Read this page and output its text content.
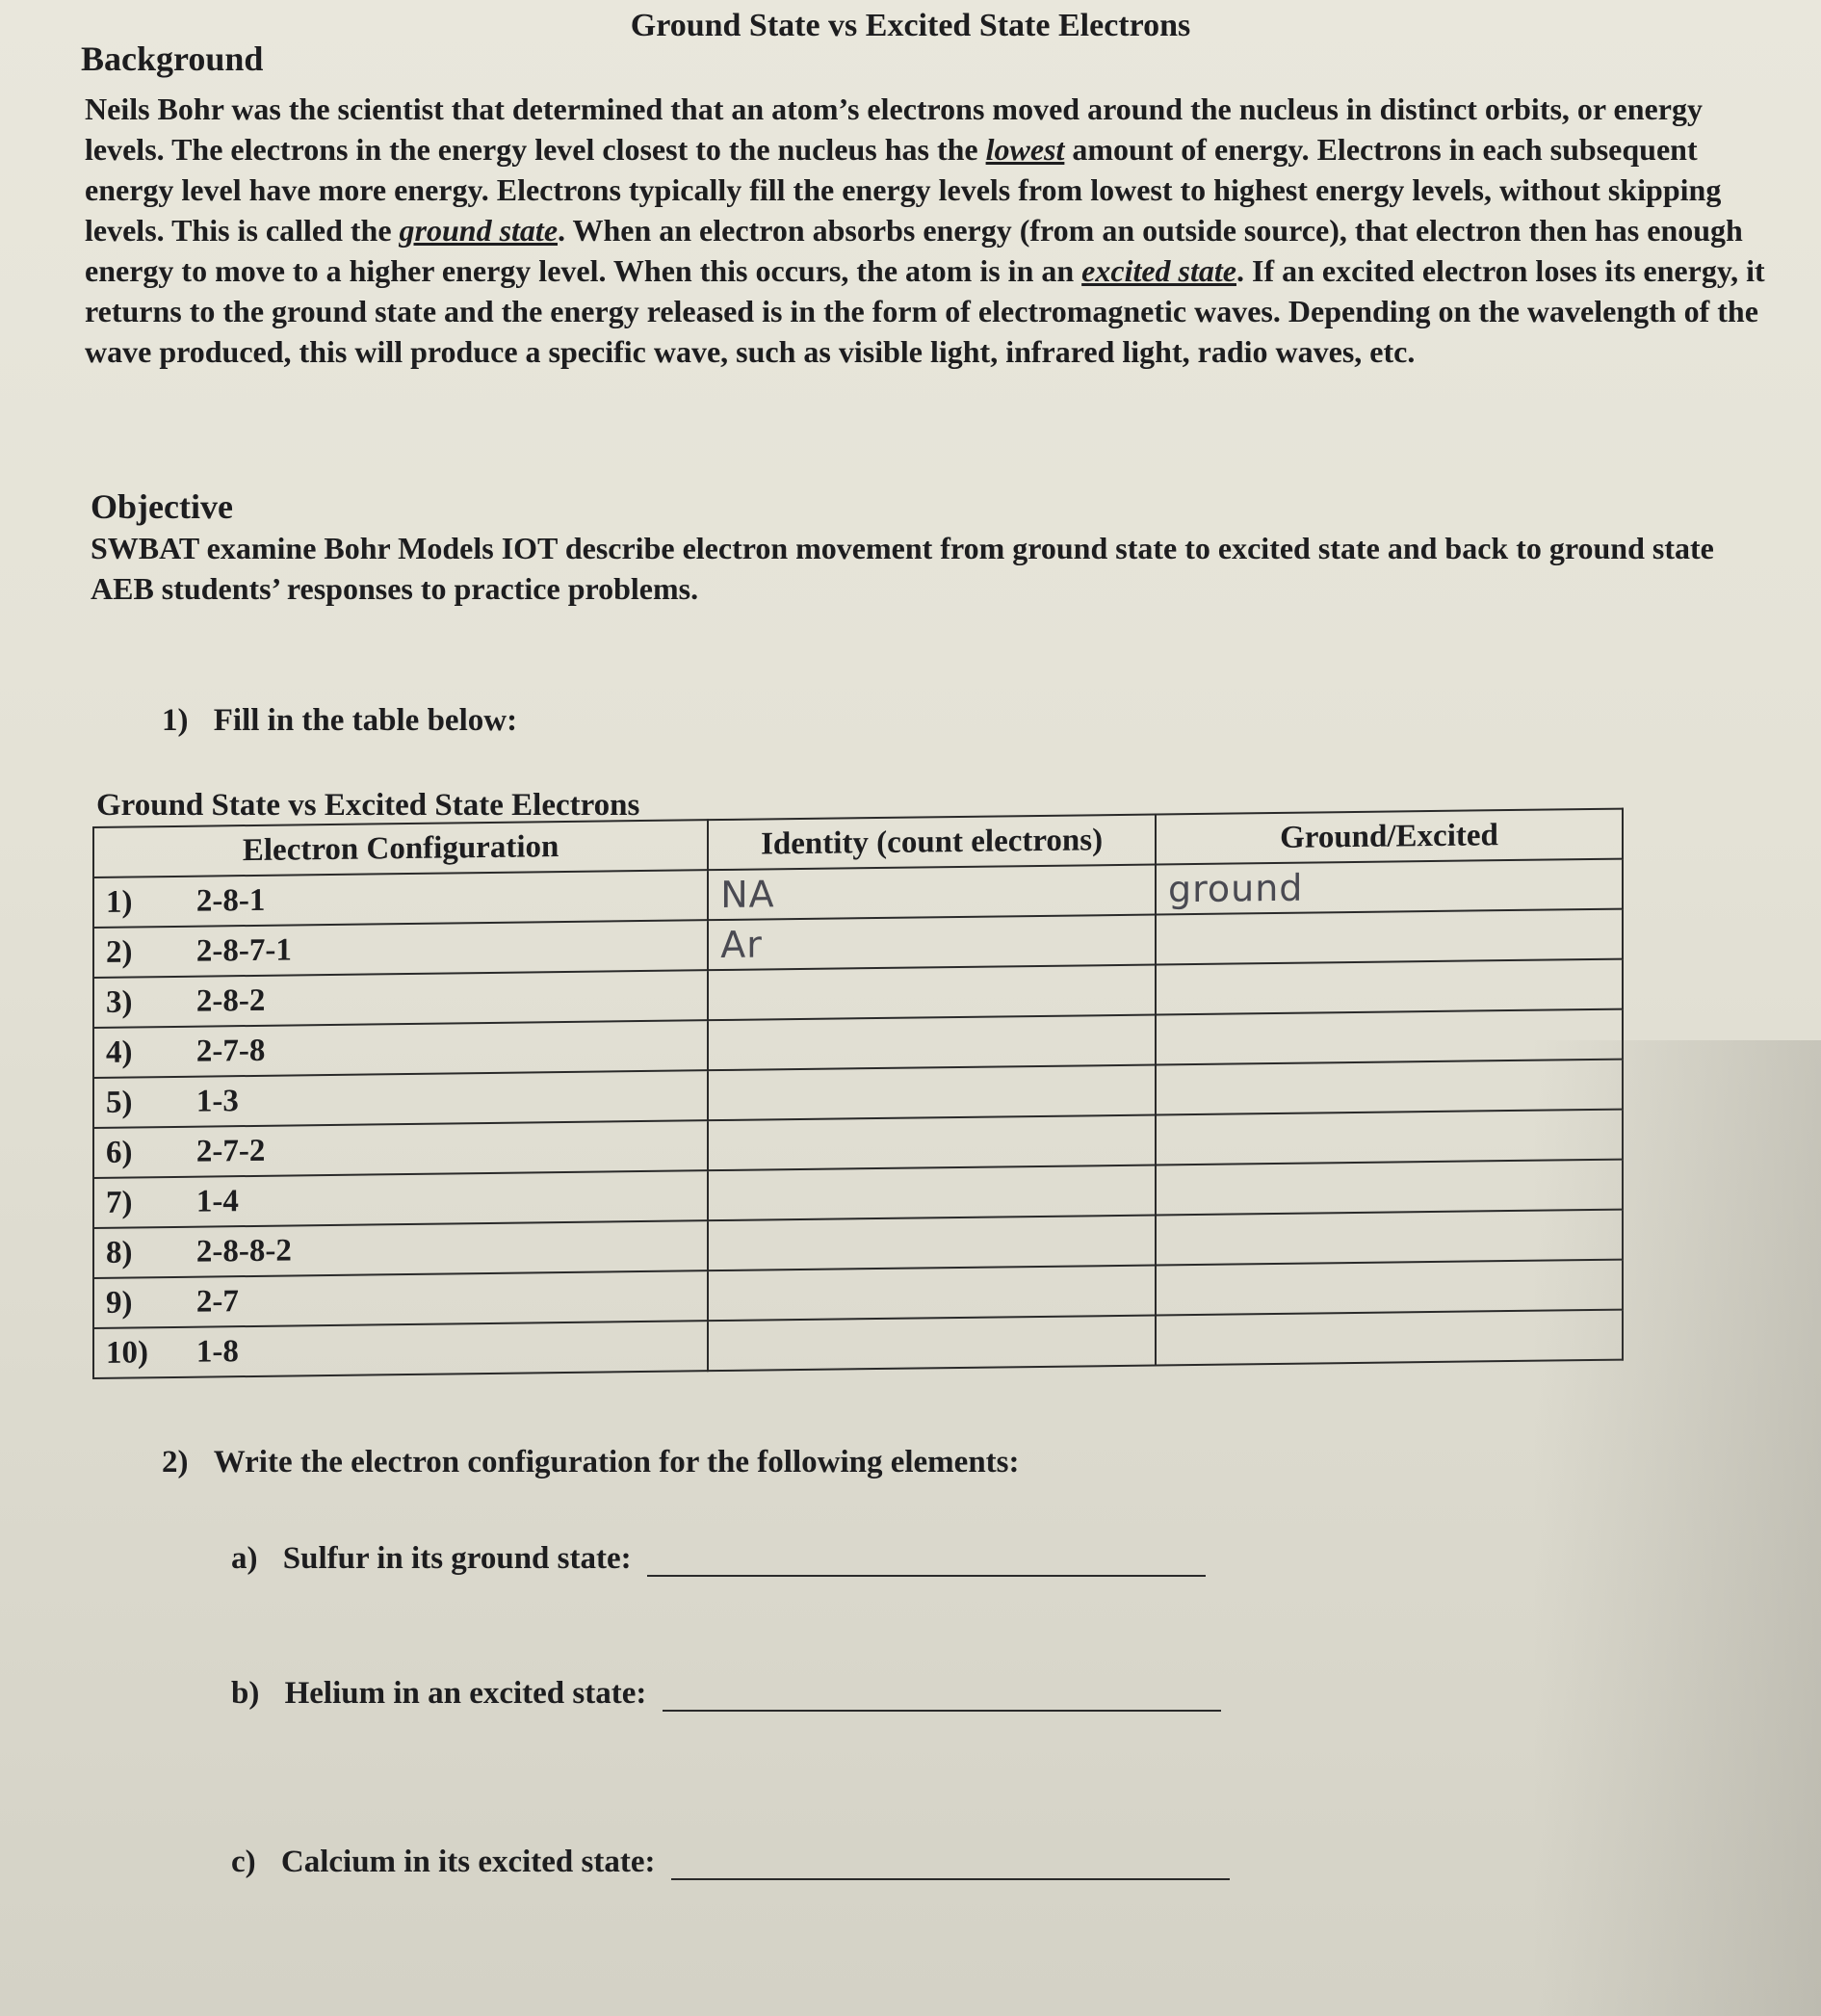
Ground State vs Excited State Electrons
Background
Neils Bohr was the scientist that determined that an atom’s electrons moved around the nucleus in distinct orbits, or energy levels. The electrons in the energy level closest to the nucleus has the lowest amount of energy. Electrons in each subsequent energy level have more energy. Electrons typically fill the energy levels from lowest to highest energy levels, without skipping levels. This is called the ground state. When an electron absorbs energy (from an outside source), that electron then has enough energy to move to a higher energy level. When this occurs, the atom is in an excited state. If an excited electron loses its energy, it returns to the ground state and the energy released is in the form of electromagnetic waves. Depending on the wavelength of the wave produced, this will produce a specific wave, such as visible light, infrared light, radio waves, etc.
Objective
SWBAT examine Bohr Models IOT describe electron movement from ground state to excited state and back to ground state AEB students’ responses to practice problems.
1) Fill in the table below:
Ground State vs Excited State Electrons
Electron Configuration		Identity (count electrons)	Ground/Excited
1)	2-8-1	NA	ground
2)	2-8-7-1	Ar	
3)	2-8-2		
4)	2-7-8		
5)	1-3		
6)	2-7-2		
7)	1-4		
8)	2-8-8-2		
9)	2-7		
10)	1-8		
2) Write the electron configuration for the following elements:
a) Sulfur in its ground state:
b) Helium in an excited state:
c) Calcium in its excited state:
